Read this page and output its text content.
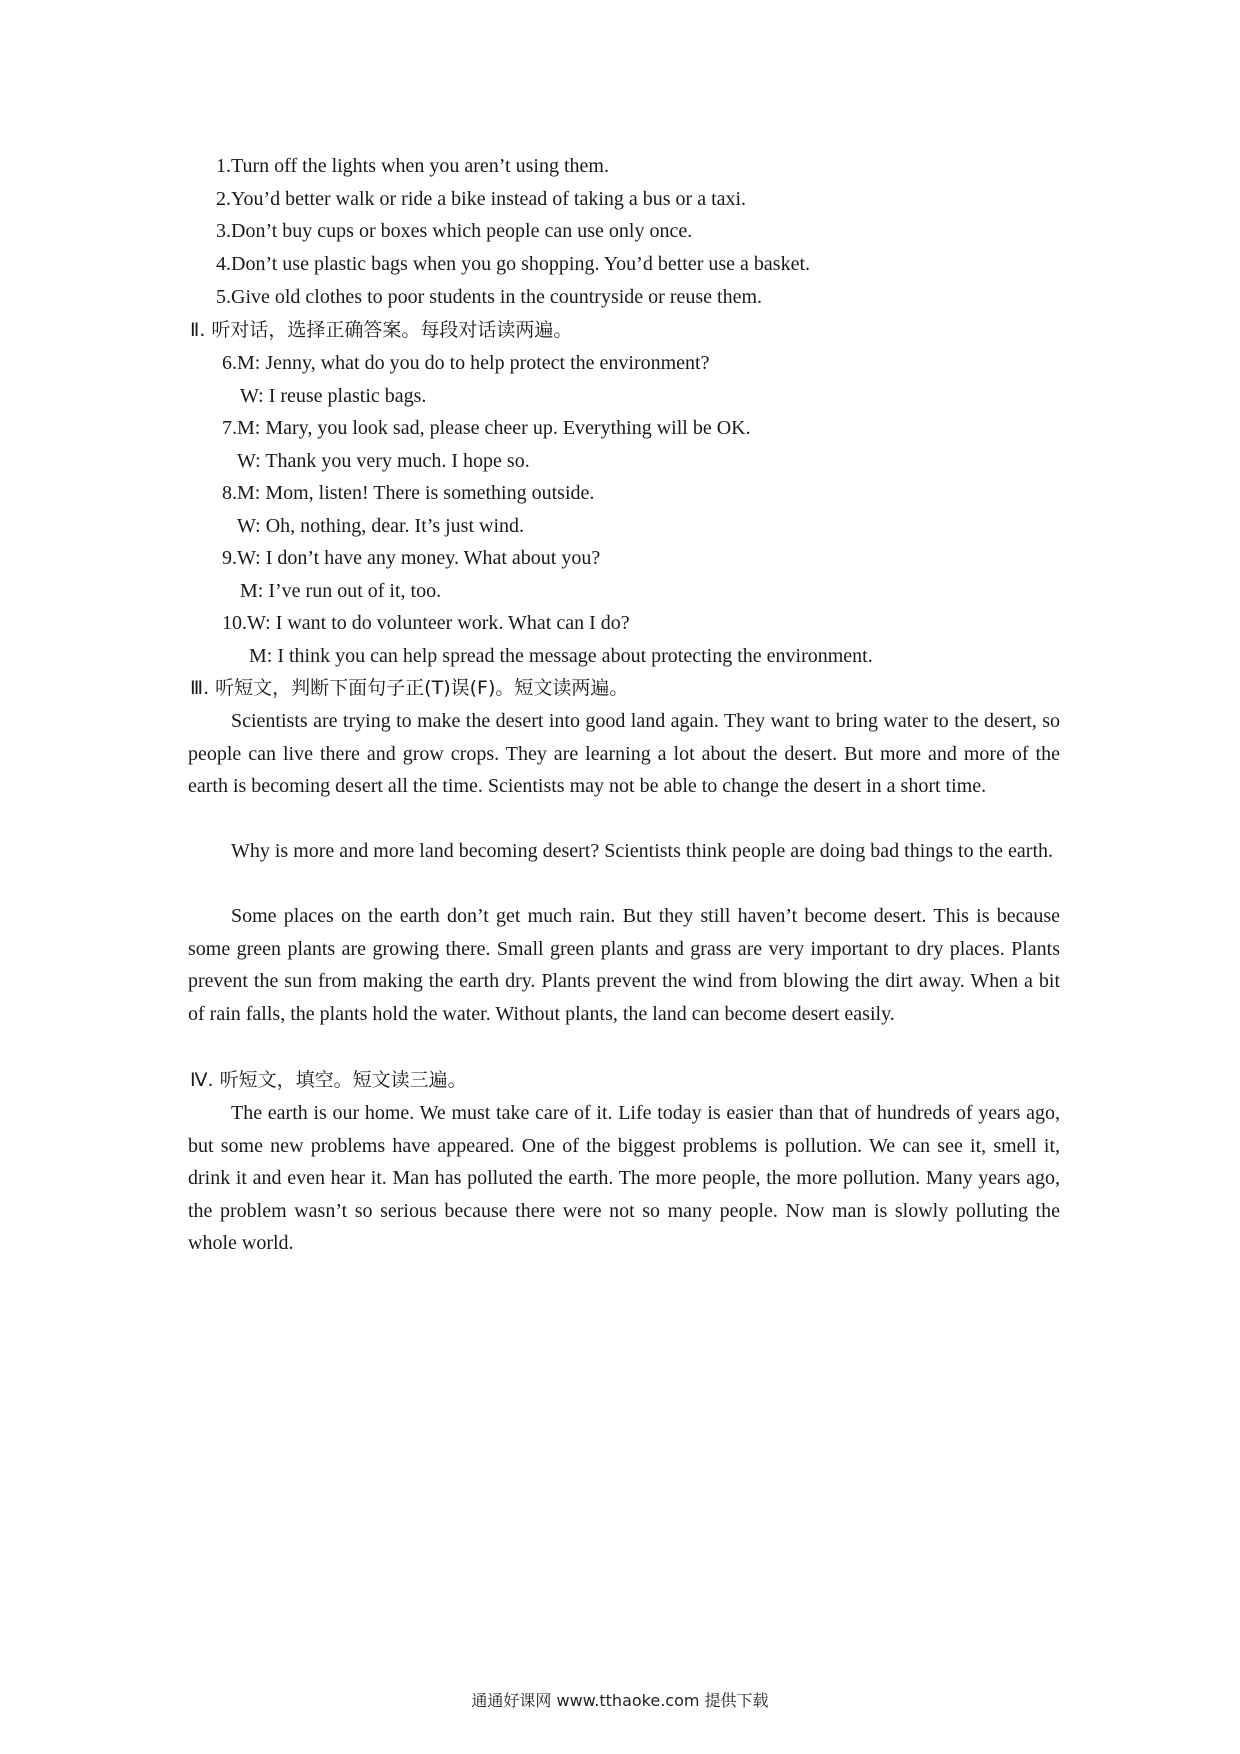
1.Turn off the lights when you aren’t using them.
2.You’d better walk or ride a bike instead of taking a bus or a taxi.
3.Don’t buy cups or boxes which people can use only once.
4.Don’t use plastic bags when you go shopping. You’d better use a basket.
5.Give old clothes to poor students in the countryside or reuse them.
Ⅱ. 听对话，选择正确答案。每段对话读两遍。
6.M: Jenny, what do you do to help protect the environment?
W: I reuse plastic bags.
7.M: Mary, you look sad, please cheer up. Everything will be OK.
W: Thank you very much. I hope so.
8.M: Mom, listen! There is something outside.
W: Oh, nothing, dear. It’s just wind.
9.W: I don’t have any money. What about you?
M: I’ve run out of it, too.
10.W: I want to do volunteer work. What can I do?
M: I think you can help spread the message about protecting the environment.
Ⅲ. 听短文，判断下面句子正(T)误(F)。短文读两遍。
Scientists are trying to make the desert into good land again. They want to bring water to the desert, so people can live there and grow crops. They are learning a lot about the desert. But more and more of the earth is becoming desert all the time. Scientists may not be able to change the desert in a short time.
Why is more and more land becoming desert? Scientists think people are doing bad things to the earth.
Some places on the earth don’t get much rain. But they still haven’t become desert. This is because some green plants are growing there. Small green plants and grass are very important to dry places. Plants prevent the sun from making the earth dry. Plants prevent the wind from blowing the dirt away. When a bit of rain falls, the plants hold the water. Without plants, the land can become desert easily.
Ⅳ. 听短文，填空。短文读三遍。
The earth is our home. We must take care of it. Life today is easier than that of hundreds of years ago, but some new problems have appeared. One of the biggest problems is pollution. We can see it, smell it, drink it and even hear it. Man has polluted the earth. The more people, the more pollution. Many years ago, the problem wasn’t so serious because there were not so many people. Now man is slowly polluting the whole world.
通通好课网 www.tthaoke.com 提供下载
